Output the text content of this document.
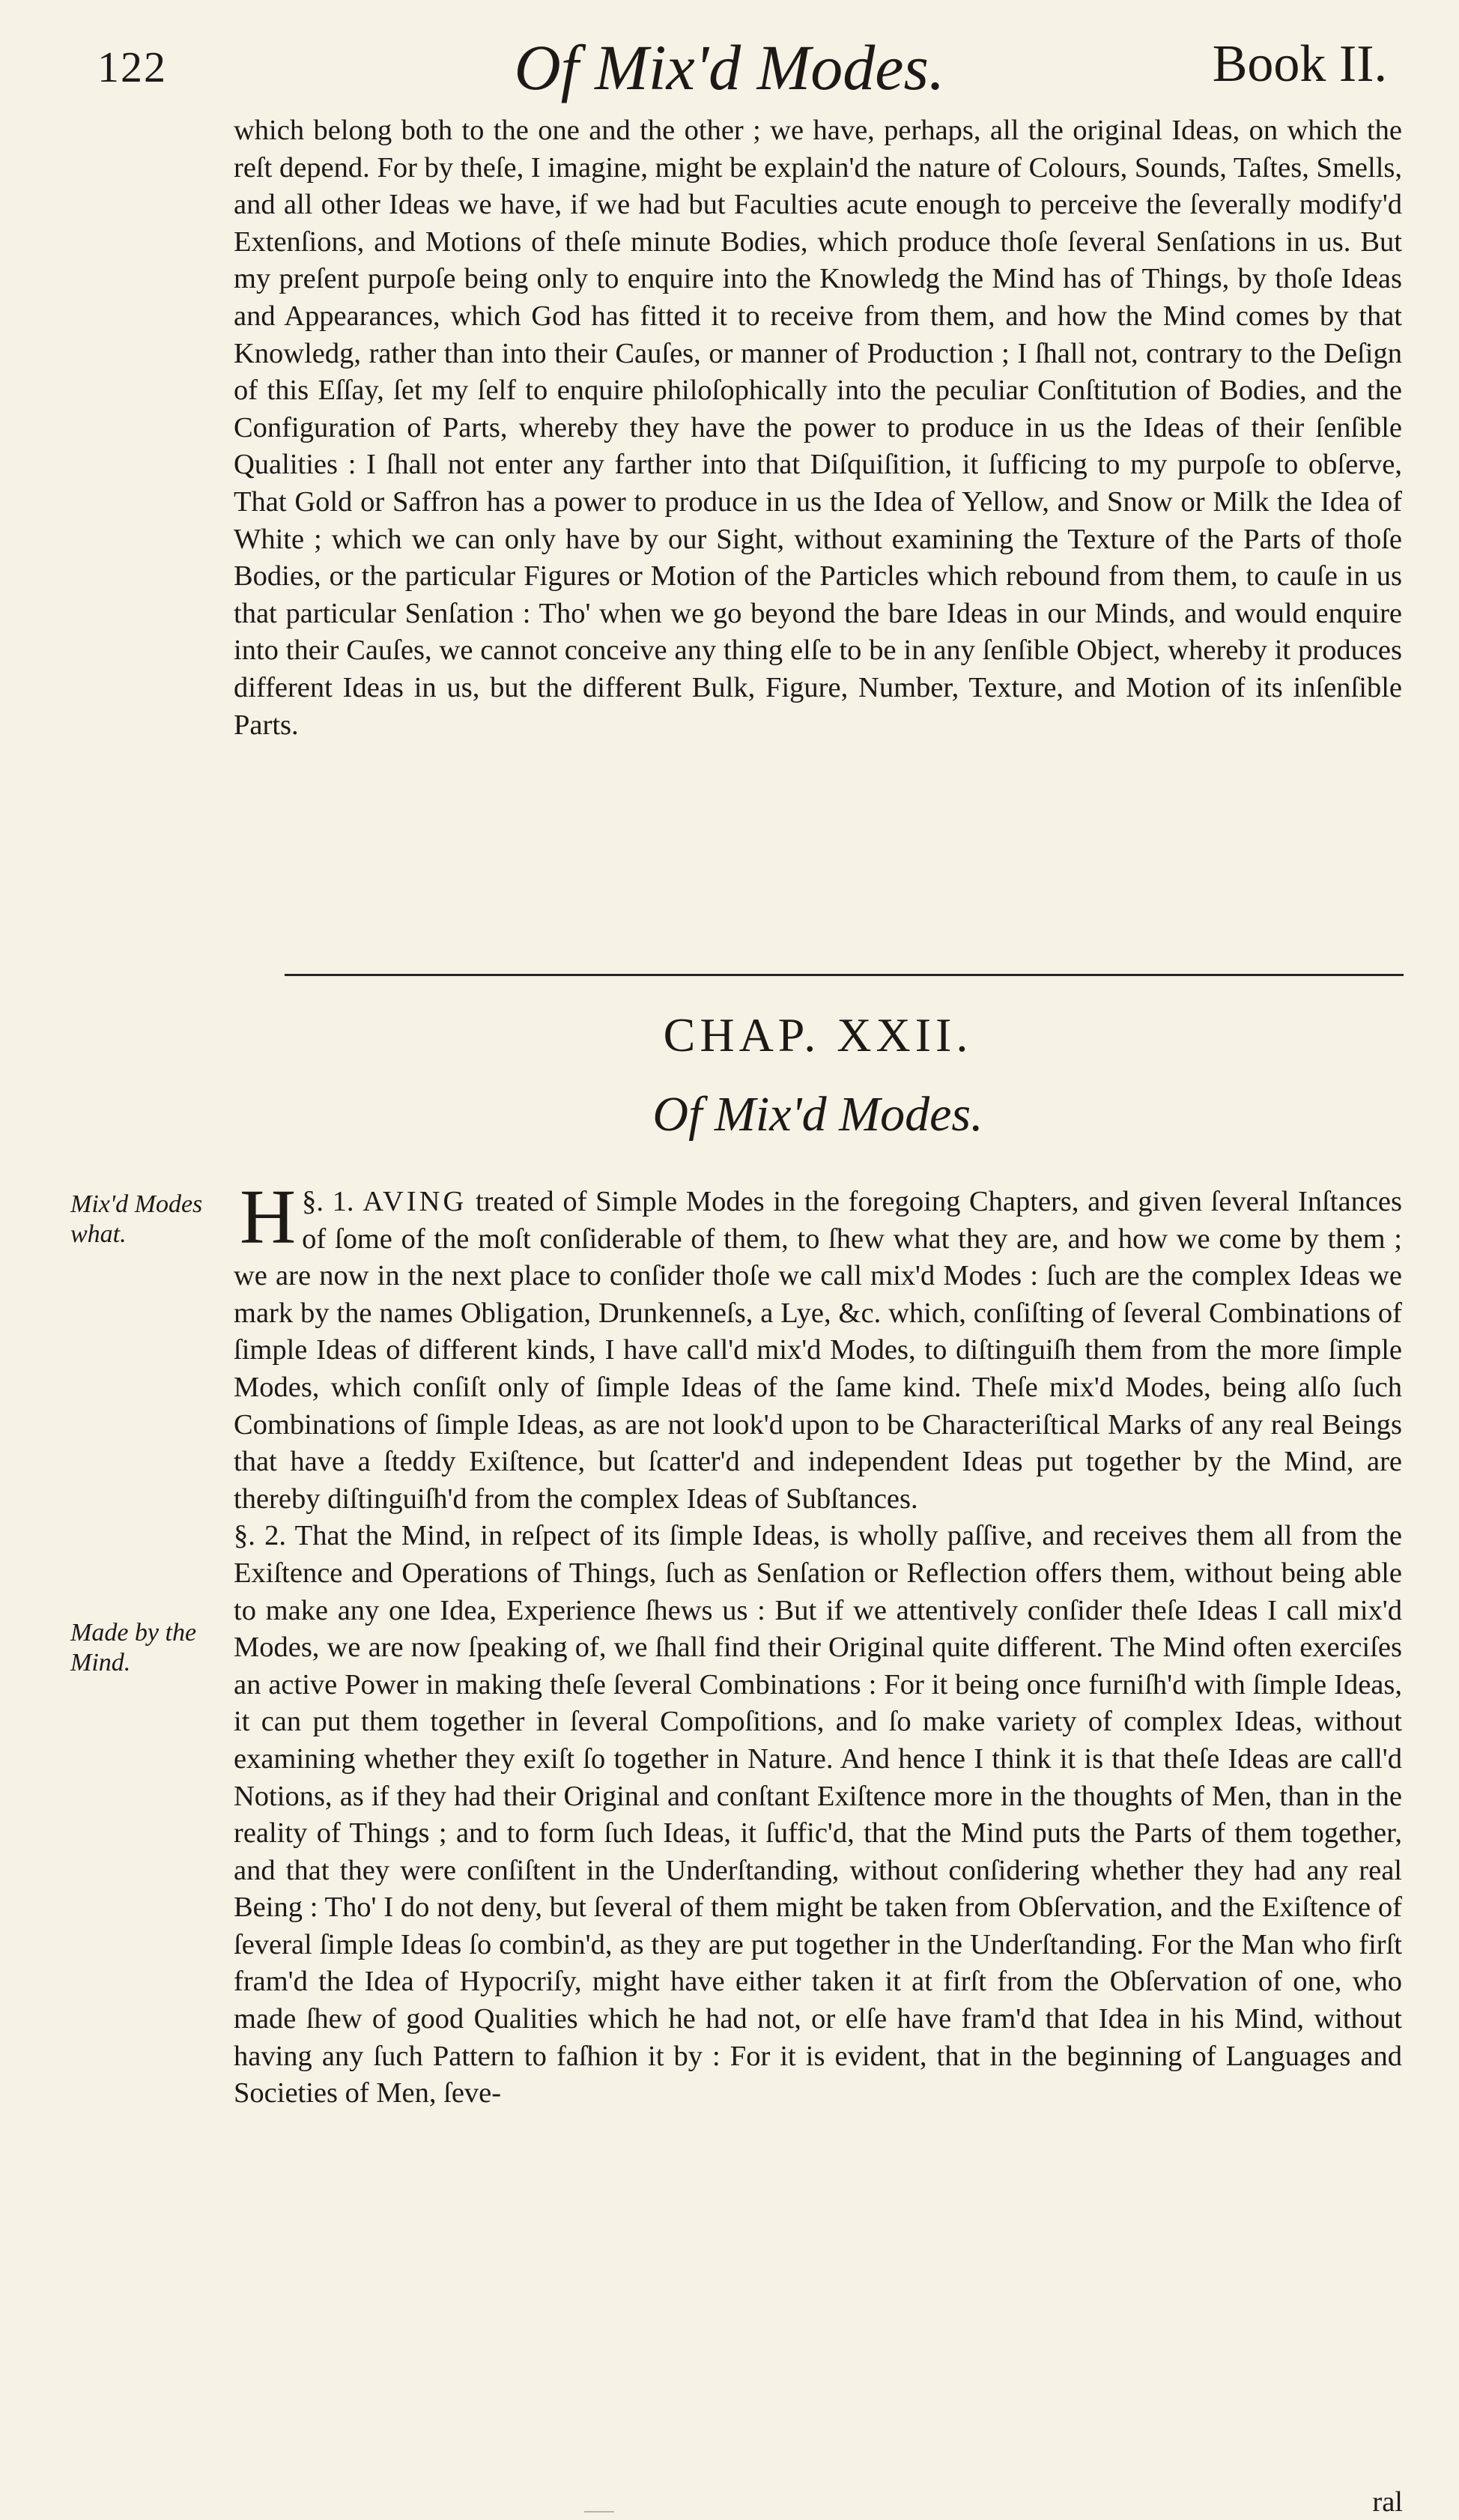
122	Of Mix'd Modes.	Book II.

which belong both to the one and the other ; we have, perhaps, all the original Ideas, on which the reſt depend. For by theſe, I imagine, might be explain'd the nature of Colours, Sounds, Taſtes, Smells, and all other Ideas we have, if we had but Faculties acute enough to perceive the ſeverally modify'd Extenſions, and Motions of theſe minute Bodies, which produce thoſe ſeveral Senſations in us. But my preſent purpoſe being only to enquire into the Knowledg the Mind has of Things, by thoſe Ideas and Appearances, which God has fitted it to receive from them, and how the Mind comes by that Knowledg, rather than into their Cauſes, or manner of Production ; I ſhall not, contrary to the Deſign of this Eſſay, ſet my ſelf to enquire philoſophically into the peculiar Conſtitution of Bodies, and the Configuration of Parts, whereby they have the power to produce in us the Ideas of their ſenſible Qualities : I ſhall not enter any farther into that Diſquiſition, it ſufficing to my purpoſe to obſerve, That Gold or Saffron has a power to produce in us the Idea of Yellow, and Snow or Milk the Idea of White ; which we can only have by our Sight, without examining the Texture of the Parts of thoſe Bodies, or the particular Figures or Motion of the Particles which rebound from them, to cauſe in us that particular Senſation : Tho' when we go beyond the bare Ideas in our Minds, and would enquire into their Cauſes, we cannot conceive any thing elſe to be in any ſenſible Object, whereby it produces different Ideas in us, but the different Bulk, Figure, Number, Texture, and Motion of its inſenſible Parts.

CHAP. XXII.
Of Mix'd Modes.
Mix'd Modes what.
Made by the Mind.

§. 1.
H AVING treated of Simple Modes in the foregoing Chapters, and given ſeveral Inſtances of ſome of the moſt conſiderable of them, to ſhew what they are, and how we come by them ; we are now in the next place to conſider thoſe we call mix'd Modes : ſuch are the complex Ideas we mark by the names Obligation, Drunkenneſs, a Lye, &c. which, conſiſting of ſeveral Combinations of ſimple Ideas of different kinds, I have call'd mix'd Modes, to diſtinguiſh them from the more ſimple Modes, which conſiſt only of ſimple Ideas of the ſame kind. Theſe mix'd Modes, being alſo ſuch Combinations of ſimple Ideas, as are not look'd upon to be Characteriſtical Marks of any real Beings that have a ſteddy Exiſtence, but ſcatter'd and independent Ideas put together by the Mind, are thereby diſtinguiſh'd from the complex Ideas of Subſtances.

§. 2. That the Mind, in reſpect of its ſimple Ideas, is wholly paſſive, and receives them all from the Exiſtence and Operations of Things, ſuch as Senſation or Reflection offers them, without being able to make any one Idea, Experience ſhews us : But if we attentively conſider theſe Ideas I call mix'd Modes, we are now ſpeaking of, we ſhall find their Original quite different. The Mind often exerciſes an active Power in making theſe ſeveral Combinations : For it being once furniſh'd with ſimple Ideas, it can put them together in ſeveral Compoſitions, and ſo make variety of complex Ideas, without examining whether they exiſt ſo together in Nature. And hence I think it is that theſe Ideas are call'd Notions, as if they had their Original and conſtant Exiſtence more in the thoughts of Men, than in the reality of Things ; and to form ſuch Ideas, it ſuffic'd, that the Mind puts the Parts of them together, and that they were conſiſtent in the Underſtanding, without conſidering whether they had any real Being : Tho' I do not deny, but ſeveral of them might be taken from Obſervation, and the Exiſtence of ſeveral ſimple Ideas ſo combin'd, as they are put together in the Underſtanding. For the Man who firſt fram'd the Idea of Hypocriſy, might have either taken it at firſt from the Obſervation of one, who made ſhew of good Qualities which he had not, or elſe have fram'd that Idea in his Mind, without having any ſuch Pattern to faſhion it by : For it is evident, that in the beginning of Languages and Societies of Men, ſeve-

ral
